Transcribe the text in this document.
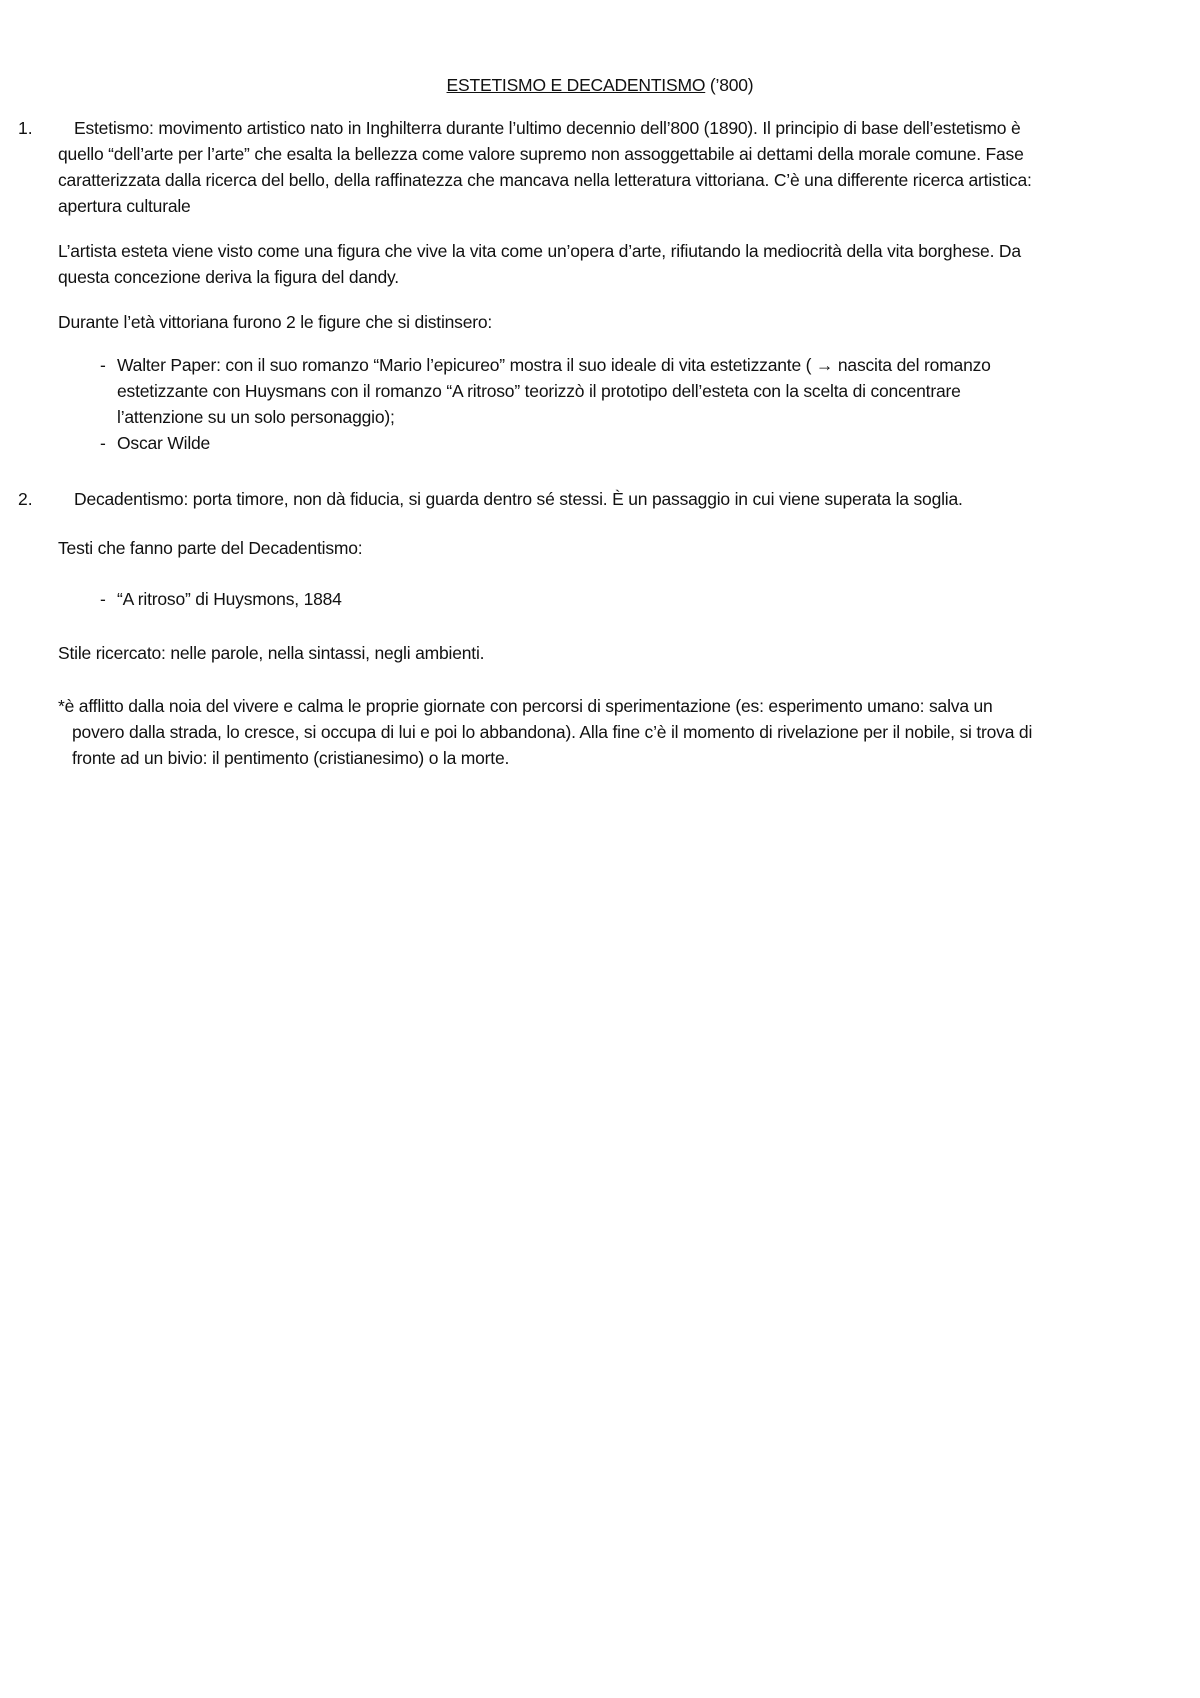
ESTETISMO E DECADENTISMO (’800)
1. Estetismo: movimento artistico nato in Inghilterra durante l’ultimo decennio dell’800 (1890). Il principio di base dell’estetismo è
quello “dell’arte per l’arte” che esalta la bellezza come valore supremo non assoggettabile ai dettami della morale comune. Fase
caratterizzata dalla ricerca del bello, della raffinatezza che mancava nella letteratura vittoriana. C’è una differente ricerca artistica:
apertura culturale
L’artista esteta viene visto come una figura che vive la vita come un’opera d’arte, rifiutando la mediocrità della vita borghese. Da
questa concezione deriva la figura del dandy.
Durante l’età vittoriana furono 2 le figure che si distinsero:
- Walter Paper: con il suo romanzo “Mario l’epicureo” mostra il suo ideale di vita estetizzante ( → nascita del romanzo
estetizzante con Huysmans con il romanzo “A ritroso” teorizzò il prototipo dell’esteta con la scelta di concentrare
l’attenzione su un solo personaggio);
- Oscar Wilde
2. Decadentismo: porta timore, non dà fiducia, si guarda dentro sé stessi. È un passaggio in cui viene superata la soglia.
Testi che fanno parte del Decadentismo:
- “A ritroso” di Huysmons, 1884
Stile ricercato: nelle parole, nella sintassi, negli ambienti.
*è afflitto dalla noia del vivere e calma le proprie giornate con percorsi di sperimentazione (es: esperimento umano: salva un
povero dalla strada, lo cresce, si occupa di lui e poi lo abbandona). Alla fine c’è il momento di rivelazione per il nobile, si trova di
fronte ad un bivio: il pentimento (cristianesimo) o la morte.
